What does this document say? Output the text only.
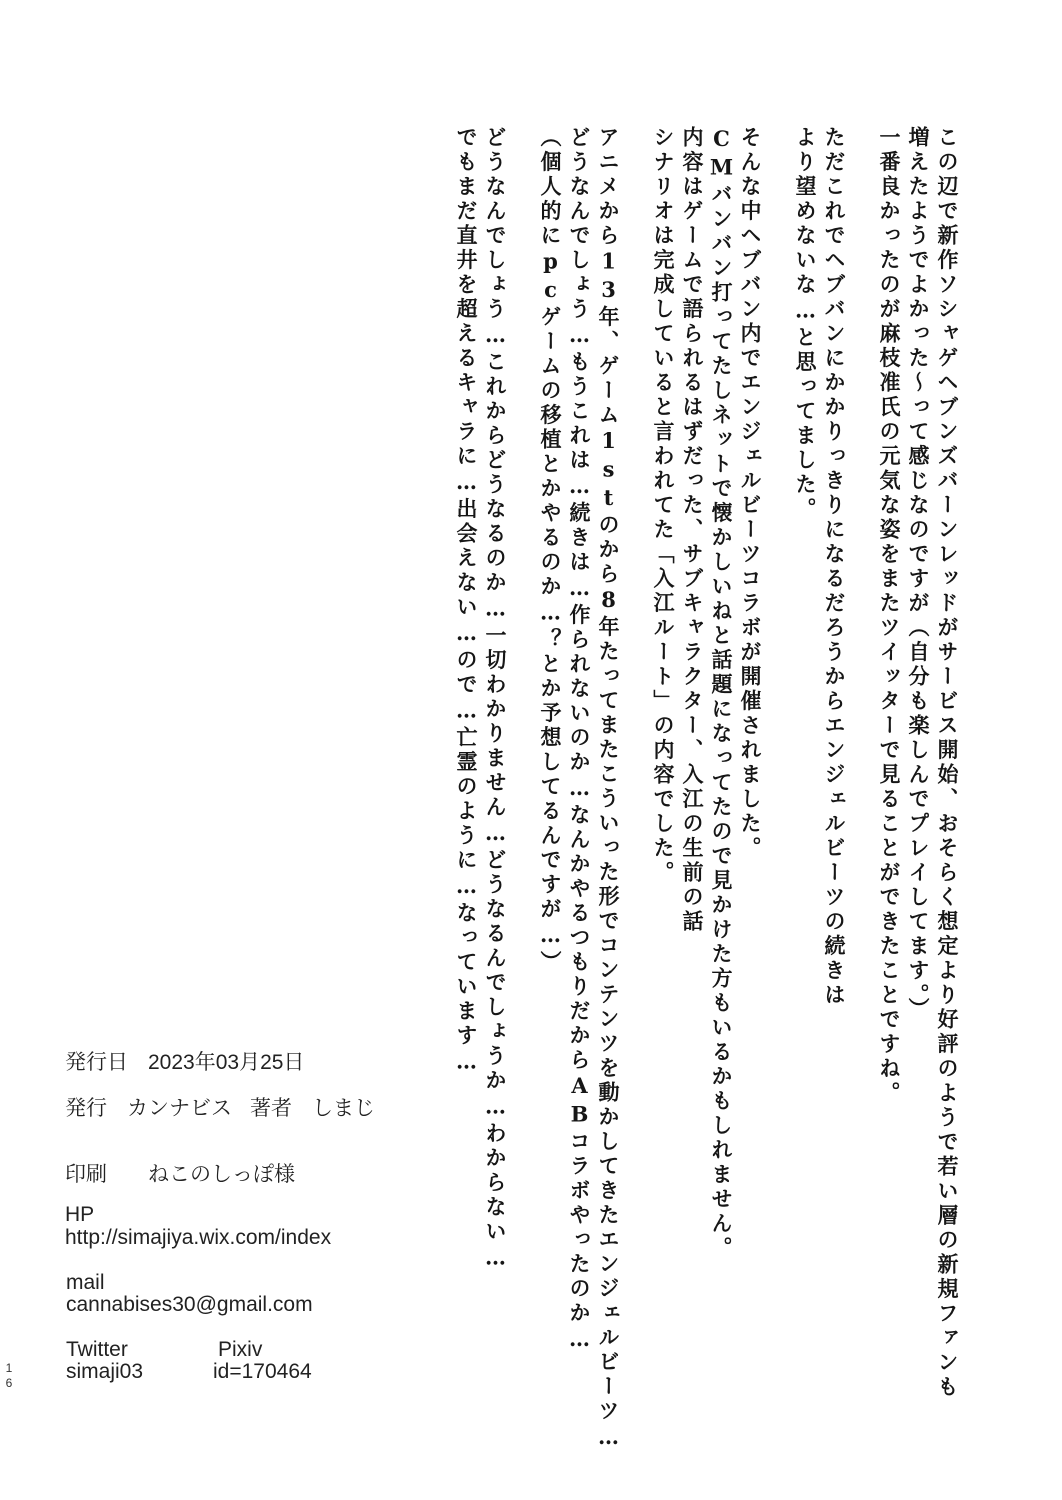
この辺で新作ソシャゲヘブンズバーンレッドがサービス開始、おそらく想定より好評のようで若い層の新規ファンも
増えたようでよかった～って感じなのですが（自分も楽しんでプレイしてます。）
一番良かったのが麻枝准氏の元気な姿をまたツイッターで見ることができたことですね。

ただこれでヘブバンにかかりっきりになるだろうからエンジェルビーツの続きは
より望めないな…と思ってました。

そんな中ヘブバン内でエンジェルビーツコラボが開催されました。
CMバンバン打ってたしネットで懐かしいねと話題になってたので見かけた方もいるかもしれません。
内容はゲームで語られるはずだった、サブキャラクター、入江の生前の話
シナリオは完成していると言われてた「入江ルート」の内容でした。

アニメから13年、ゲーム1stのから8年たってまたこういった形でコンテンツを動かしてきたエンジェルビーツ…
どうなんでしょう…もうこれは…続きは…作られないのか…なんかやるつもりだからABコラボやったのか…
（個人的にpcゲームの移植とかやるのか…？とか予想してるんですが…）

どうなんでしょう…これからどうなるのか…一切わかりません…どうなるんでしょうか…わからない…
でもまだ直井を超えるキャラに…出会えない…ので…亡霊のように…なっています…

発行日 2023年03月25日
発行 カンナビス 著者 しまじ
印刷 ねこのしっぽ様
HP
http://simajiya.wix.com/index
mail
cannabises30@gmail.com
Twitter	Pixiv
simaji03	id=170464
16
